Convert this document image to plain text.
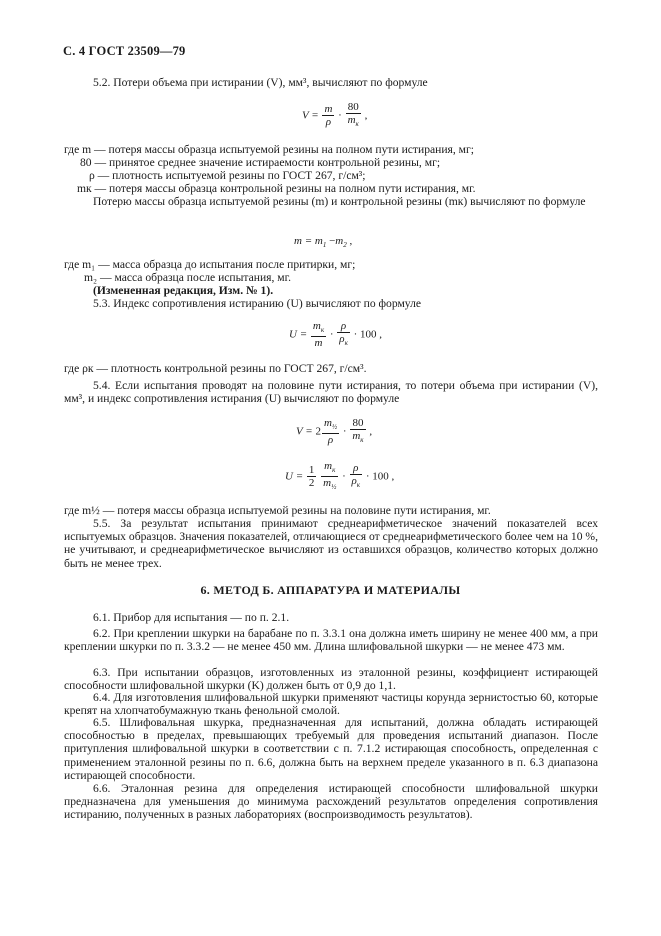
С. 4 ГОСТ 23509—79
5.2. Потери объема при истирании (V), мм³, вычисляют по формуле
$V = \frac{m}{\rho} \cdot \frac{80}{m_к}$ ,
где m — потеря массы образца испытуемой резины на полном пути истирания, мг;
80 — принятое среднее значение истираемости контрольной резины, мг;
ρ — плотность испытуемой резины по ГОСТ 267, г/см³;
mк — потеря массы образца контрольной резины на полном пути истирания, мг.
Потерю массы образца испытуемой резины (m) и контрольной резины (mк) вычисляют по формуле
$m = m_1 -m_2$ ,
где m₁ — масса образца до испытания после притирки, мг;
m₂ — масса образца после испытания, мг.
(Измененная редакция, Изм. № 1).
5.3. Индекс сопротивления истиранию (U) вычисляют по формуле
$U = \frac{m_к}{m} \cdot \frac{\rho}{\rho_к} \cdot 100$ ,
где ρк — плотность контрольной резины по ГОСТ 267, г/см³.
5.4. Если испытания проводят на половине пути истирания, то потери объема при истирании (V), мм³, и индекс сопротивления истирания (U) вычисляют по формуле
$V = 2 \frac{m_{\frac{1}{2}}}{\rho} \cdot \frac{80}{m_к}$ ,
$U = \frac{1}{2}$
$\frac{m_к}{m_{\frac{1}{2}}} \cdot \frac{\rho}{\rho_к} \cdot 100$ ,
где m½ — потеря массы образца испытуемой резины на половине пути истирания, мг.
5.5. За результат испытания принимают среднеарифметическое значений показателей всех испытуемых образцов. Значения показателей, отличающиеся от среднеарифметического более чем на 10 %, не учитывают, и среднеарифметическое вычисляют из оставшихся образцов, количество которых должно быть не менее трех.
6. МЕТОД Б. АППАРАТУРА И МАТЕРИАЛЫ
6.1. Прибор для испытания — по п. 2.1.
6.2. При креплении шкурки на барабане по п. 3.3.1 она должна иметь ширину не менее 400 мм, а при креплении шкурки по п. 3.3.2 — не менее 450 мм. Длина шлифовальной шкурки — не менее 473 мм.
6.3. При испытании образцов, изготовленных из эталонной резины, коэффициент истирающей способности шлифовальной шкурки (K) должен быть от 0,9 до 1,1.
6.4. Для изготовления шлифовальной шкурки применяют частицы корунда зернистостью 60, которые крепят на хлопчатобумажную ткань фенольной смолой.
6.5. Шлифовальная шкурка, предназначенная для испытаний, должна обладать истирающей способностью в пределах, превышающих требуемый для проведения испытаний диапазон. После притупления шлифовальной шкурки в соответствии с п. 7.1.2 истирающая способность, определенная с применением эталонной резины по п. 6.6, должна быть на верхнем пределе указанного в п. 6.3 диапазона истирающей способности.
6.6. Эталонная резина для определения истирающей способности шлифовальной шкурки предназначена для уменьшения до минимума расхождений результатов определения сопротивления истиранию, полученных в разных лабораториях (воспроизводимость результатов).
